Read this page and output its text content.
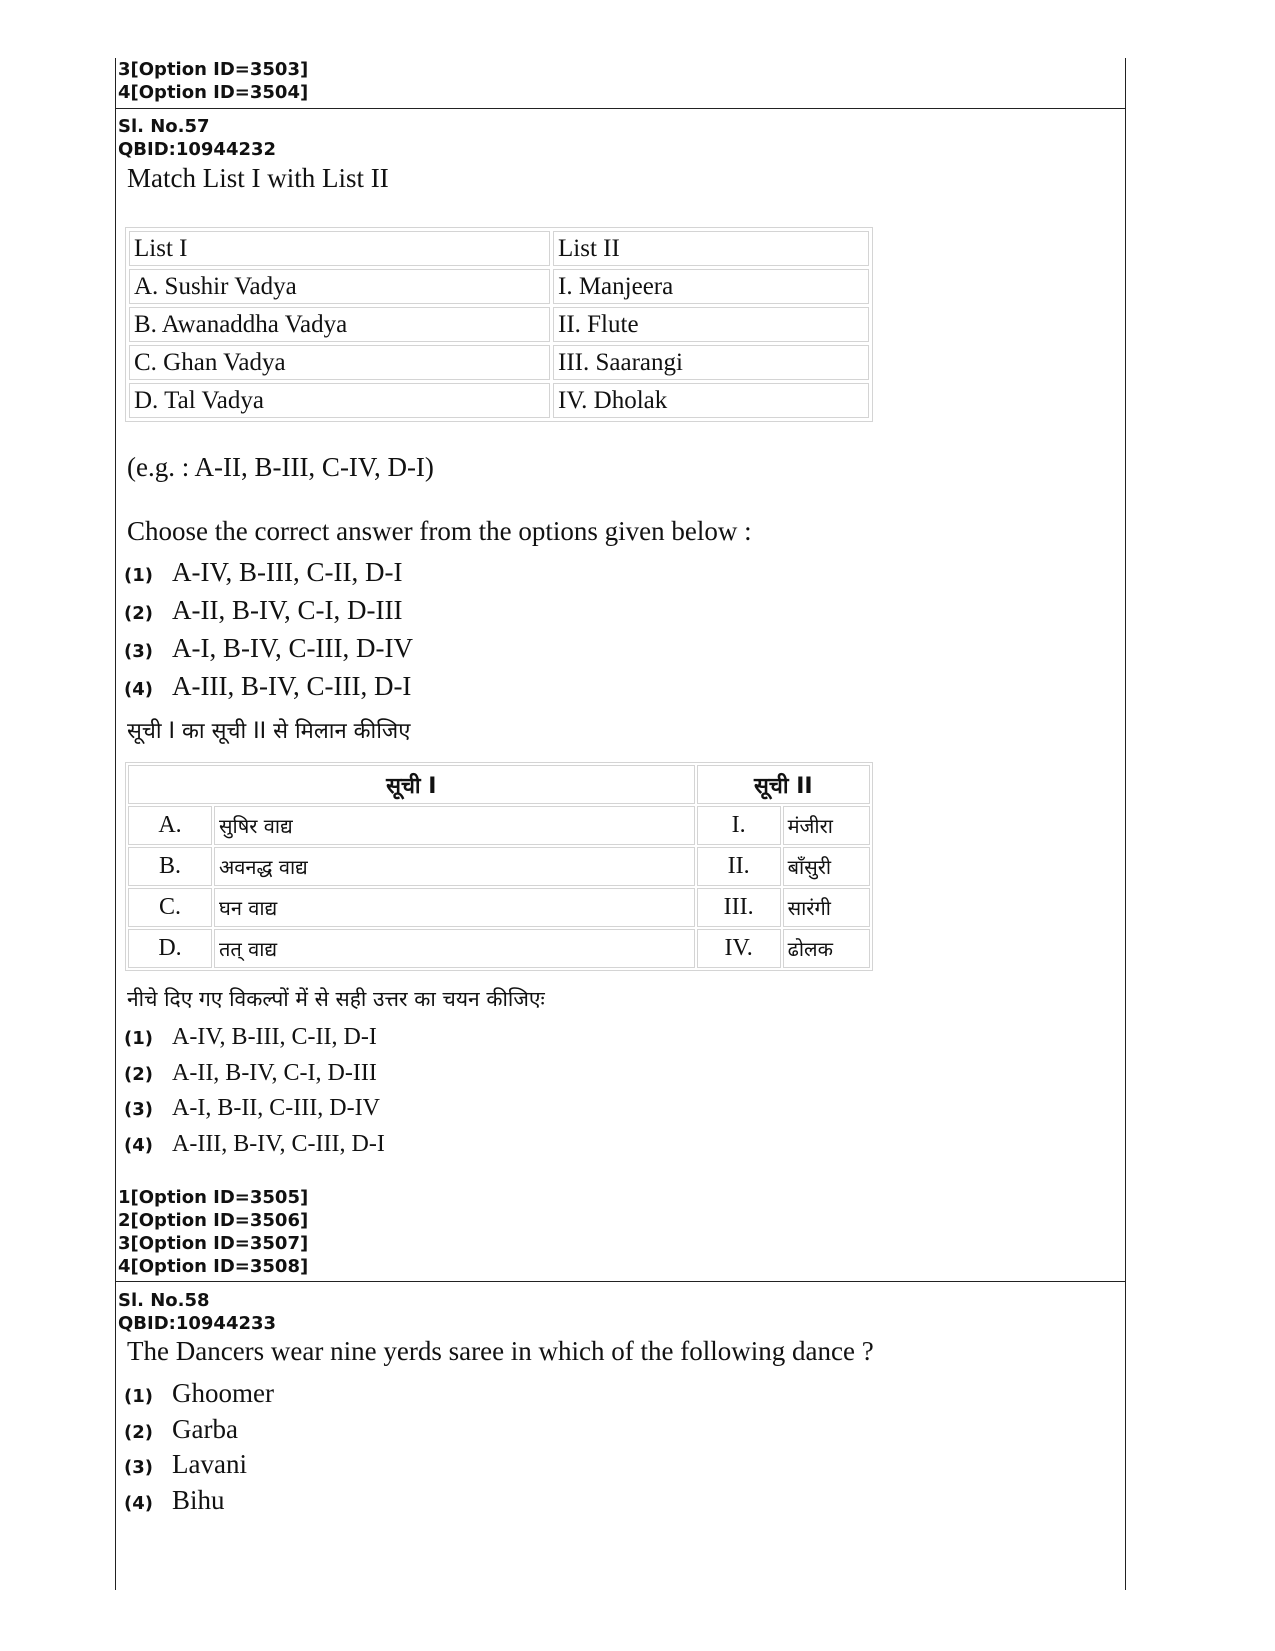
3[Option ID=3503]
4[Option ID=3504]
Sl. No.57
QBID:10944232
Match List I with List II
List I	List II
A. Sushir Vadya	I. Manjeera
B. Awanaddha Vadya	II. Flute
C. Ghan Vadya	III. Saarangi
D. Tal Vadya	IV. Dholak
(e.g. : A-II, B-III, C-IV, D-I)
Choose the correct answer from the options given below :
(1) A-IV, B-III, C-II, D-I
(2) A-II, B-IV, C-I, D-III
(3) A-I, B-IV, C-III, D-IV
(4) A-III, B-IV, C-III, D-I
सूची I का सूची II से मिलान कीजिए
सूची I		सूची II	
A.	सुषिर वाद्य	I.	मंजीरा
B.	अवनद्ध वाद्य	II.	बाँसुरी
C.	घन वाद्य	III.	सारंगी
D.	तत् वाद्य	IV.	ढोलक
नीचे दिए गए विकल्पों में से सही उत्तर का चयन कीजिएः
(1) A-IV, B-III, C-II, D-I
(2) A-II, B-IV, C-I, D-III
(3) A-I, B-II, C-III, D-IV
(4) A-III, B-IV, C-III, D-I
1[Option ID=3505]
2[Option ID=3506]
3[Option ID=3507]
4[Option ID=3508]
Sl. No.58
QBID:10944233
The Dancers wear nine yerds saree in which of the following dance ?
(1) Ghoomer
(2) Garba
(3) Lavani
(4) Bihu
